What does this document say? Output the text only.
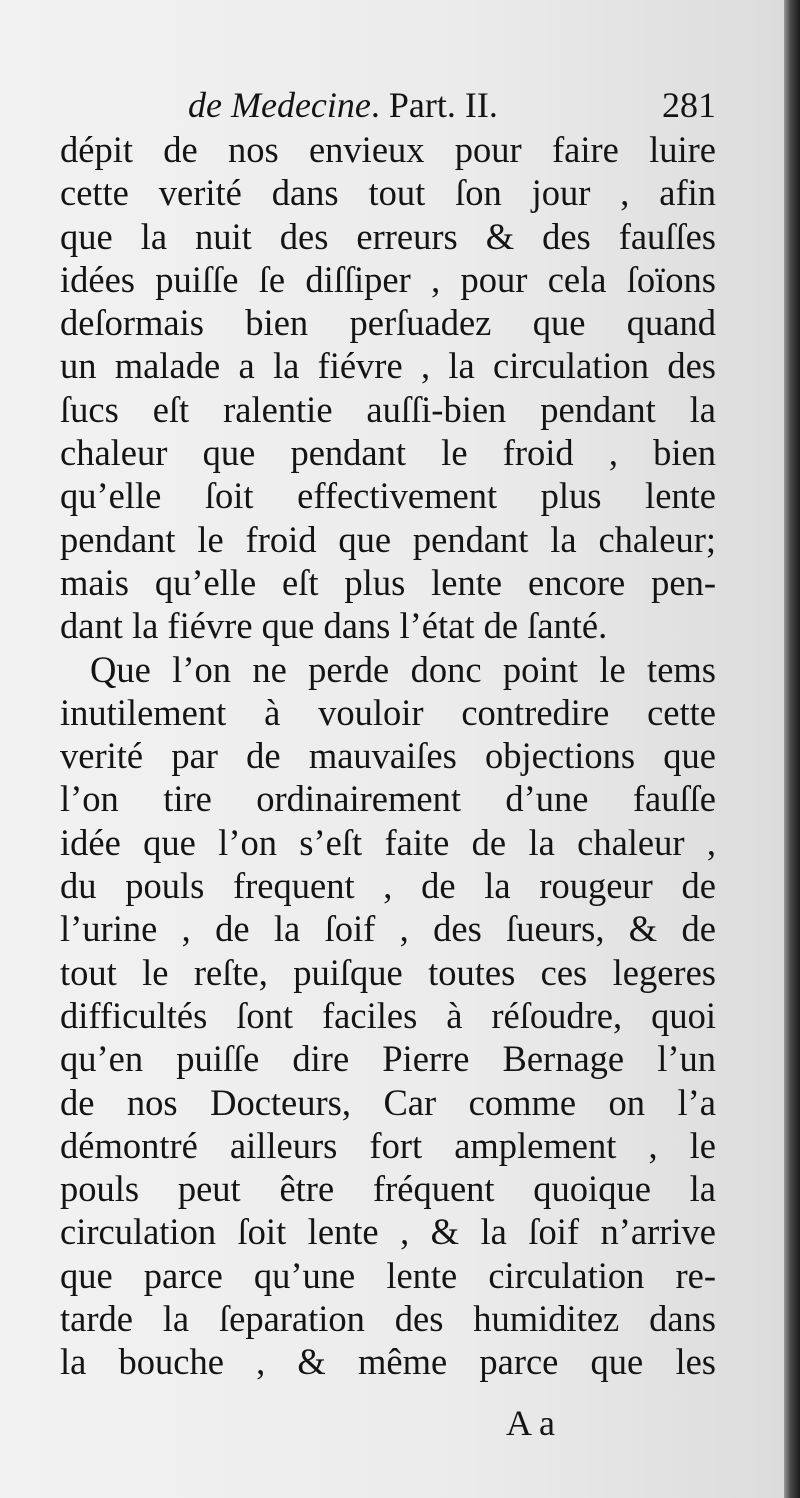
de Medecine. Part. II.	281
dépit de nos envieux pour faire luire
cette verité dans tout ſon jour , afin
que la nuit des erreurs & des fauſſes
idées puiſſe ſe diſſiper , pour cela ſoïons
deſormais bien perſuadez que quand
un malade a la fiévre , la circulation des
ſucs eſt ralentie auſſi-bien pendant la
chaleur que pendant le froid , bien
qu’elle ſoit effectivement plus lente
pendant le froid que pendant la chaleur;
mais qu’elle eſt plus lente encore pen-
dant la fiévre que dans l’état de ſanté.
Que l’on ne perde donc point le tems
inutilement à vouloir contredire cette
verité par de mauvaiſes objections que
l’on tire ordinairement d’une fauſſe
idée que l’on s’eſt faite de la chaleur ,
du pouls frequent , de la rougeur de
l’urine , de la ſoif , des ſueurs, & de
tout le reſte, puiſque toutes ces legeres
difficultés ſont faciles à réſoudre, quoi
qu’en puiſſe dire Pierre Bernage l’un
de nos Docteurs, Car comme on l’a
démontré ailleurs fort amplement , le
pouls peut être fréquent quoique la
circulation ſoit lente , & la ſoif n’arrive
que parce qu’une lente circulation re-
tarde la ſeparation des humiditez dans
la bouche , & même parce que les
A a
